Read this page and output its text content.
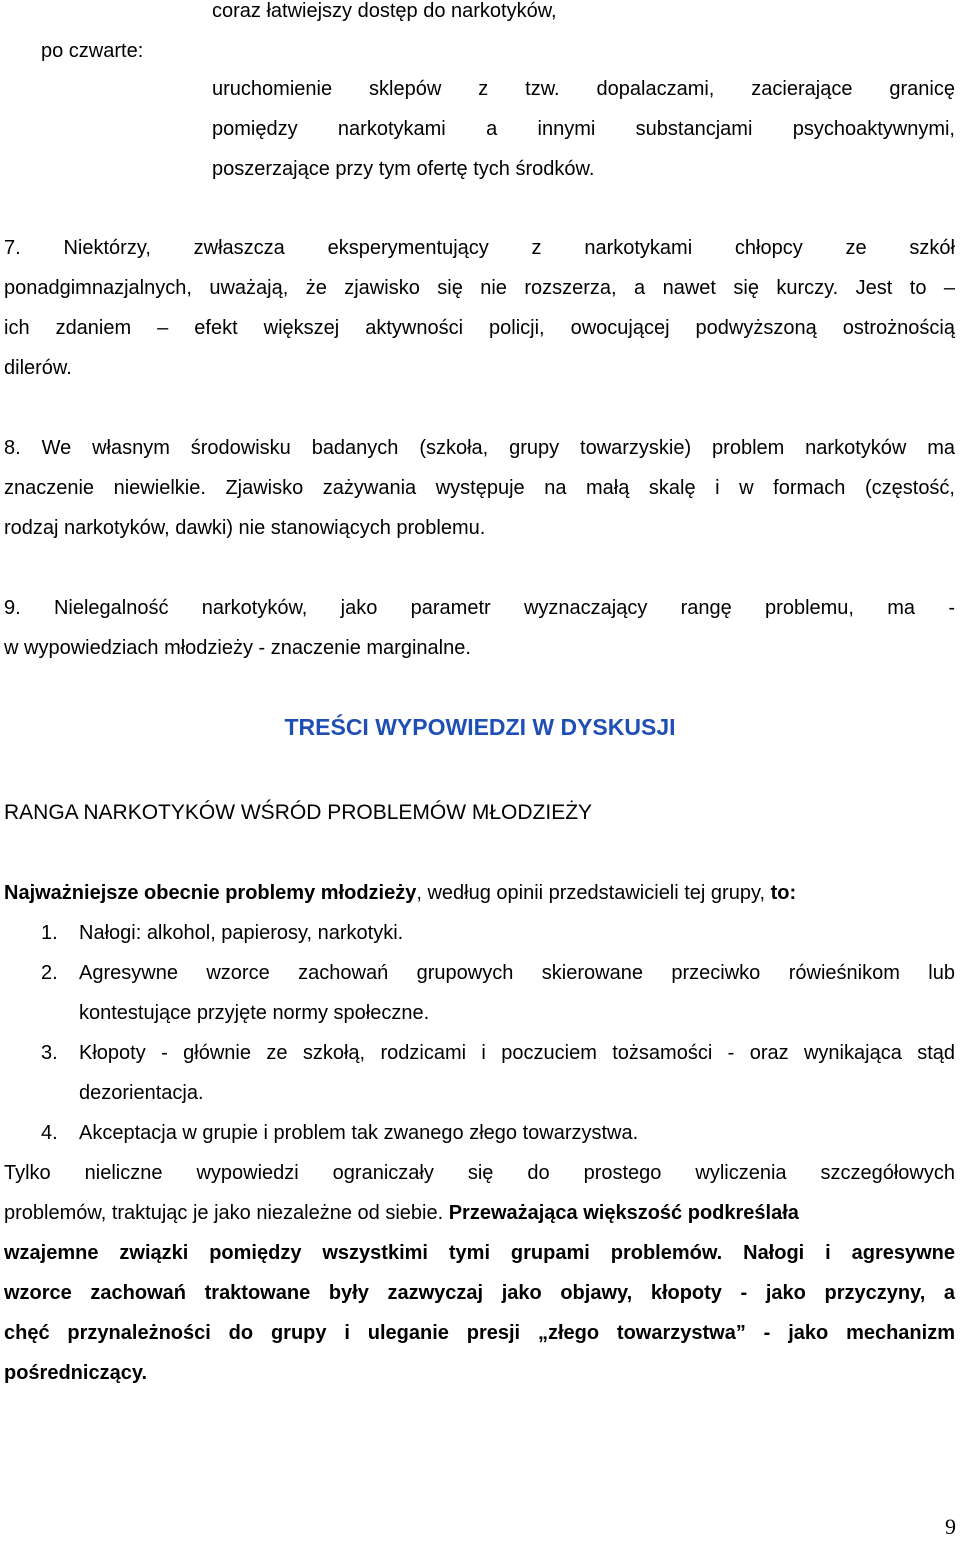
coraz łatwiejszy dostęp do narkotyków,
po czwarte:
uruchomienie sklepów z tzw. dopalaczami, zacierające granicę
pomiędzy narkotykami a innymi substancjami psychoaktywnymi,
poszerzające przy tym ofertę tych środków.
7. Niektórzy, zwłaszcza eksperymentujący z narkotykami chłopcy ze szkół
ponadgimnazjalnych, uważają, że zjawisko się nie rozszerza, a nawet się kurczy. Jest to –
ich zdaniem – efekt większej aktywności policji, owocującej podwyższoną ostrożnością
dilerów.
8. We własnym środowisku badanych (szkoła, grupy towarzyskie) problem narkotyków ma
znaczenie niewielkie. Zjawisko zażywania występuje na małą skalę i w formach (częstość,
rodzaj narkotyków, dawki) nie stanowiących problemu.
9. Nielegalność narkotyków, jako parametr wyznaczający rangę problemu, ma -
w wypowiedziach młodzieży - znaczenie marginalne.
TREŚCI WYPOWIEDZI W DYSKUSJI
RANGA NARKOTYKÓW WŚRÓD PROBLEMÓW MŁODZIEŻY
Najważniejsze obecnie problemy młodzieży, według opinii przedstawicieli tej grupy, to:
1. Nałogi: alkohol, papierosy, narkotyki.
2. Agresywne wzorce zachowań grupowych skierowane przeciwko rówieśnikom lub
kontestujące przyjęte normy społeczne.
3. Kłopoty - głównie ze szkołą, rodzicami i poczuciem tożsamości - oraz wynikająca stąd
dezorientacja.
4. Akceptacja w grupie i problem tak zwanego złego towarzystwa.
Tylko nieliczne wypowiedzi ograniczały się do prostego wyliczenia szczegółowych
problemów, traktując je jako niezależne od siebie. Przeważająca większość podkreślała
wzajemne związki pomiędzy wszystkimi tymi grupami problemów. Nałogi i agresywne
wzorce zachowań traktowane były zazwyczaj jako objawy, kłopoty - jako przyczyny, a
chęć przynależności do grupy i uleganie presji „złego towarzystwa” - jako mechanizm
pośredniczący.
9
